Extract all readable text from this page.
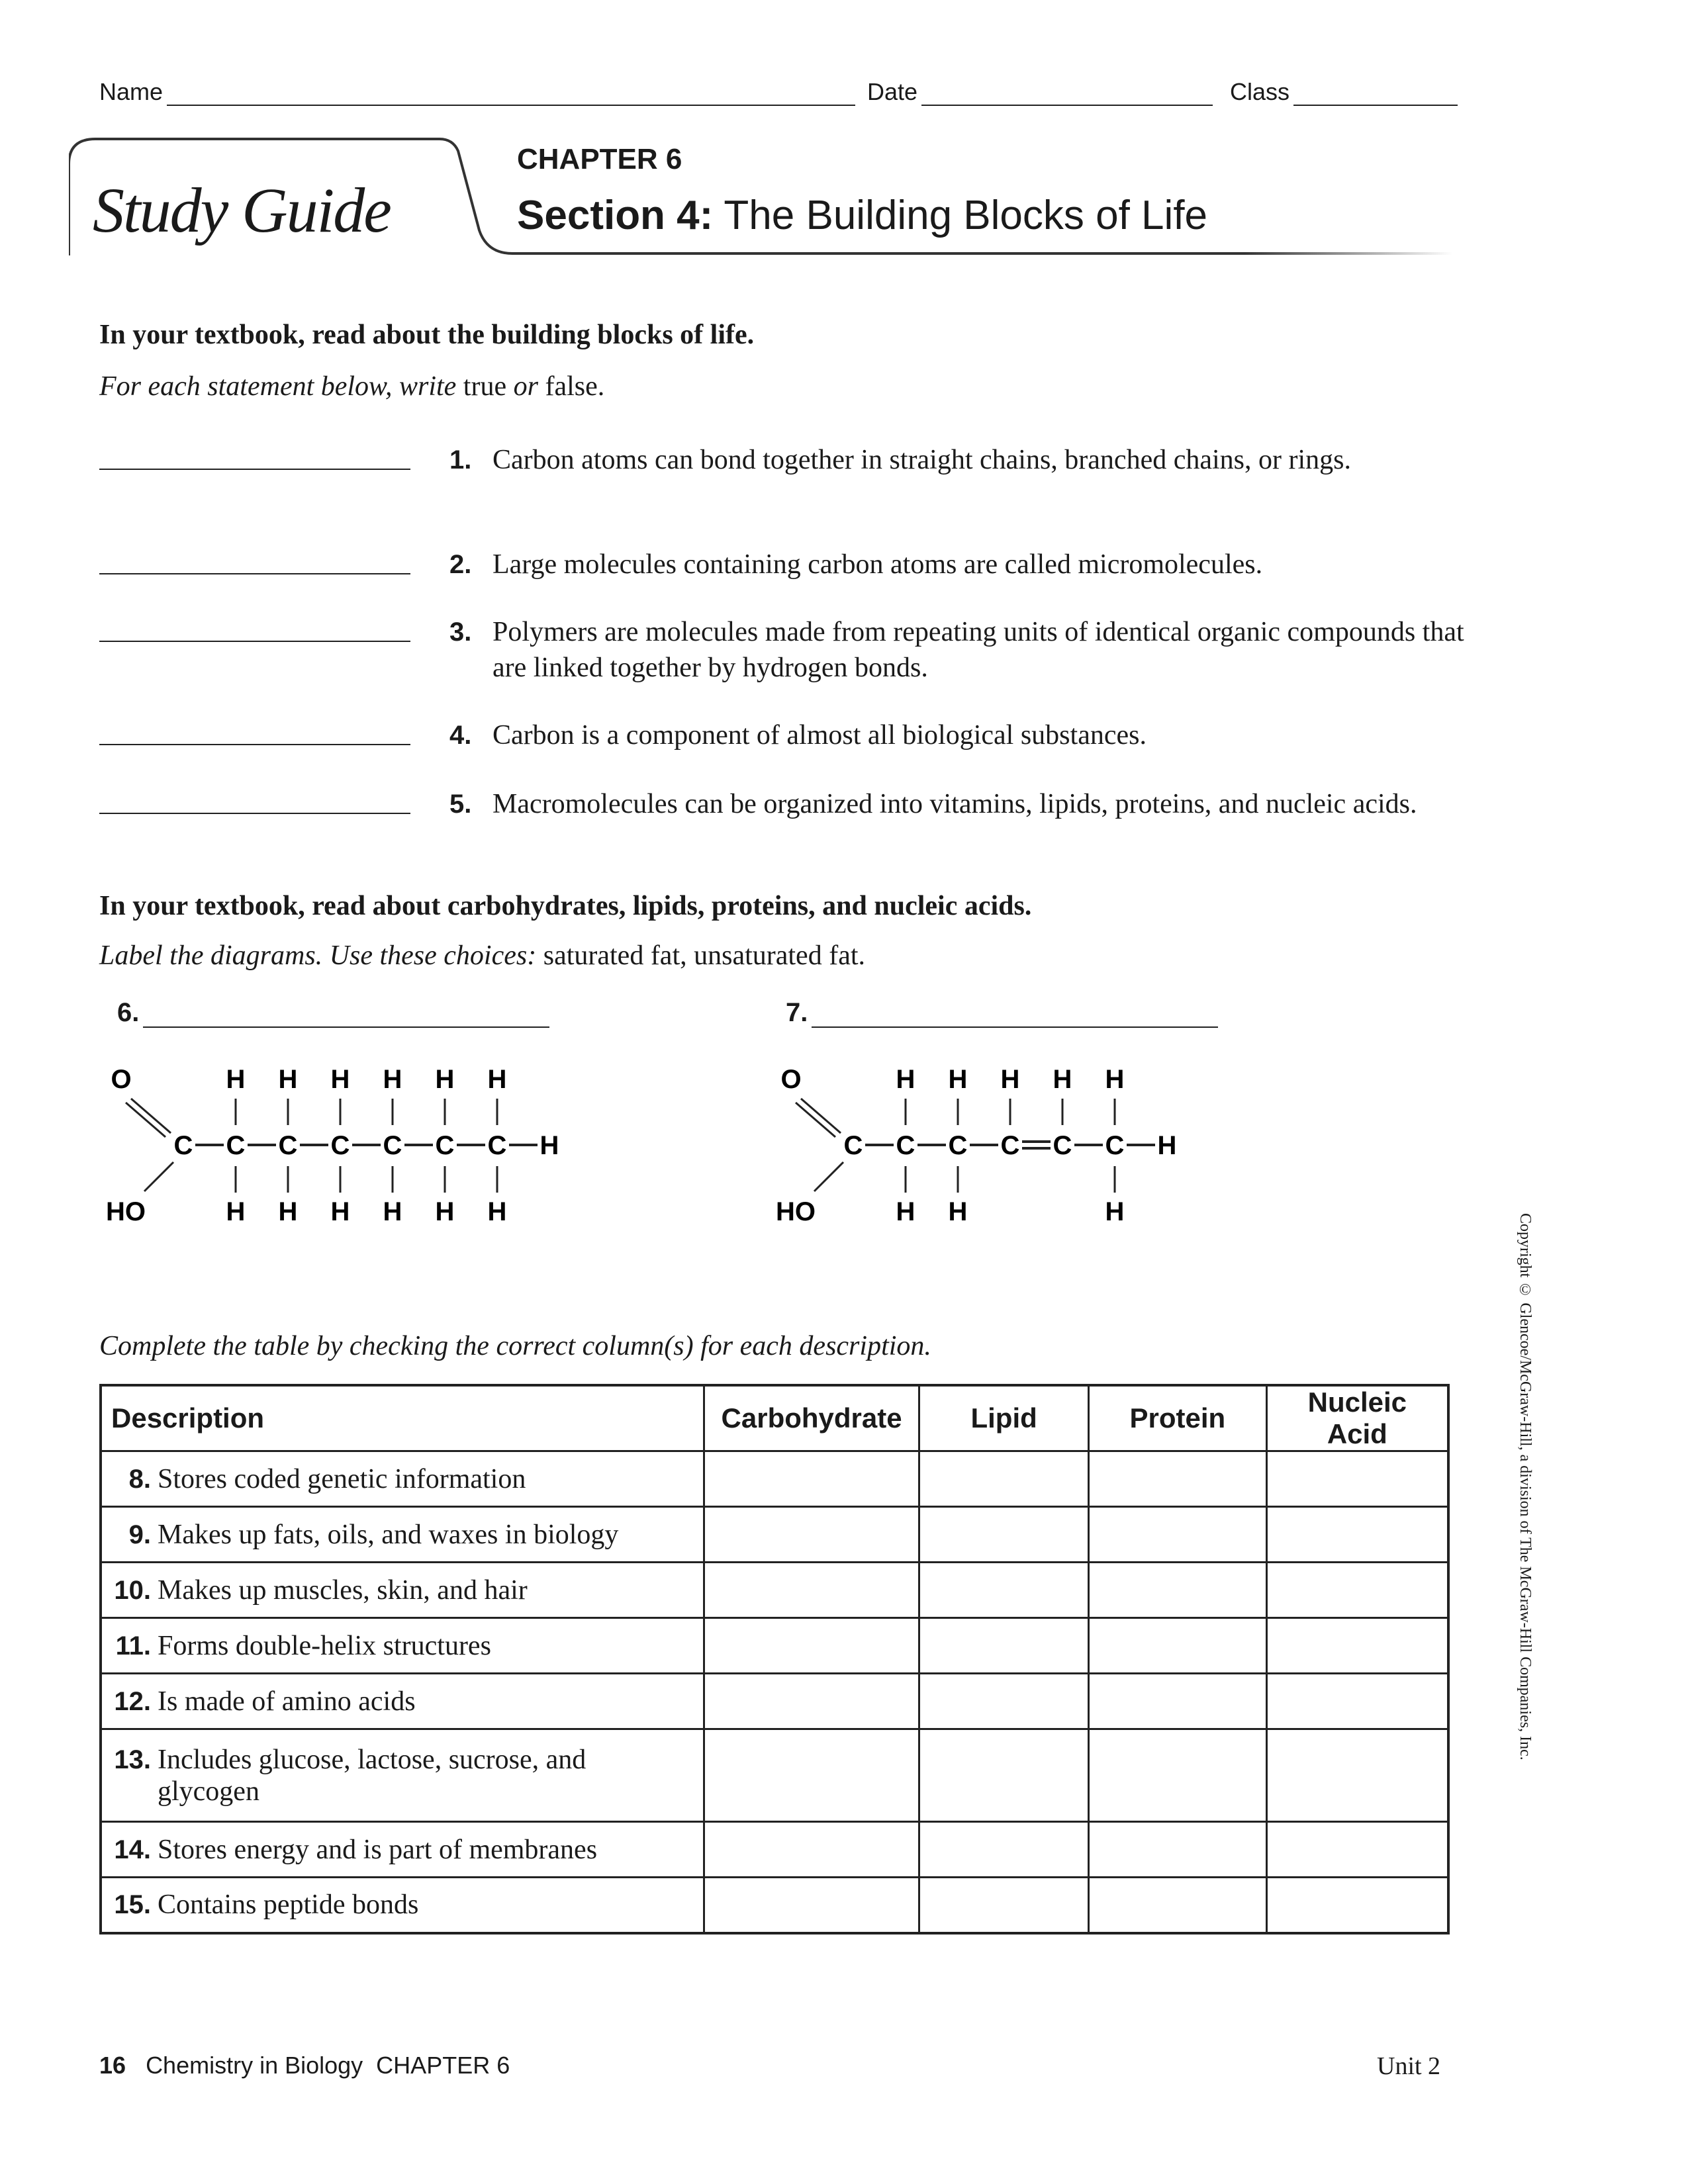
Name	Date	Class
Study Guide
CHAPTER 6
Section 4: The Building Blocks of Life
In your textbook, read about the building blocks of life.
For each statement below, write true or false.
1. Carbon atoms can bond together in straight chains, branched chains, or rings.
2. Large molecules containing carbon atoms are called micromolecules.
3. Polymers are molecules made from repeating units of identical organic compounds that are linked together by hydrogen bonds.
4. Carbon is a component of almost all biological substances.
5. Macromolecules can be organized into vitamins, lipids, proteins, and nucleic acids.
In your textbook, read about carbohydrates, lipids, proteins, and nucleic acids.
Label the diagrams. Use these choices: saturated fat, unsaturated fat.
6.	7.
O
HO
C C
H
H
C
H
H
C
H
H
C
H
H
C
H
H
C
H
H
H
O
HO
C C
H
H
C
H
H
C
H
C
H
C
H
H
H
Complete the table by checking the correct column(s) for each description.
Description	Carbohydrate	Lipid	Protein	Nucleic Acid
8. Stores coded genetic information				
9. Makes up fats, oils, and waxes in biology				
10. Makes up muscles, skin, and hair				
11. Forms double-helix structures				
12. Is made of amino acids				
13. Includes glucose, lactose, sucrose, and glycogen				
14. Stores energy and is part of membranes				
15. Contains peptide bonds				
Copyright © Glencoe/McGraw-Hill, a division of The McGraw-Hill Companies, Inc.
16 Chemistry in Biology  CHAPTER 6	Unit 2
